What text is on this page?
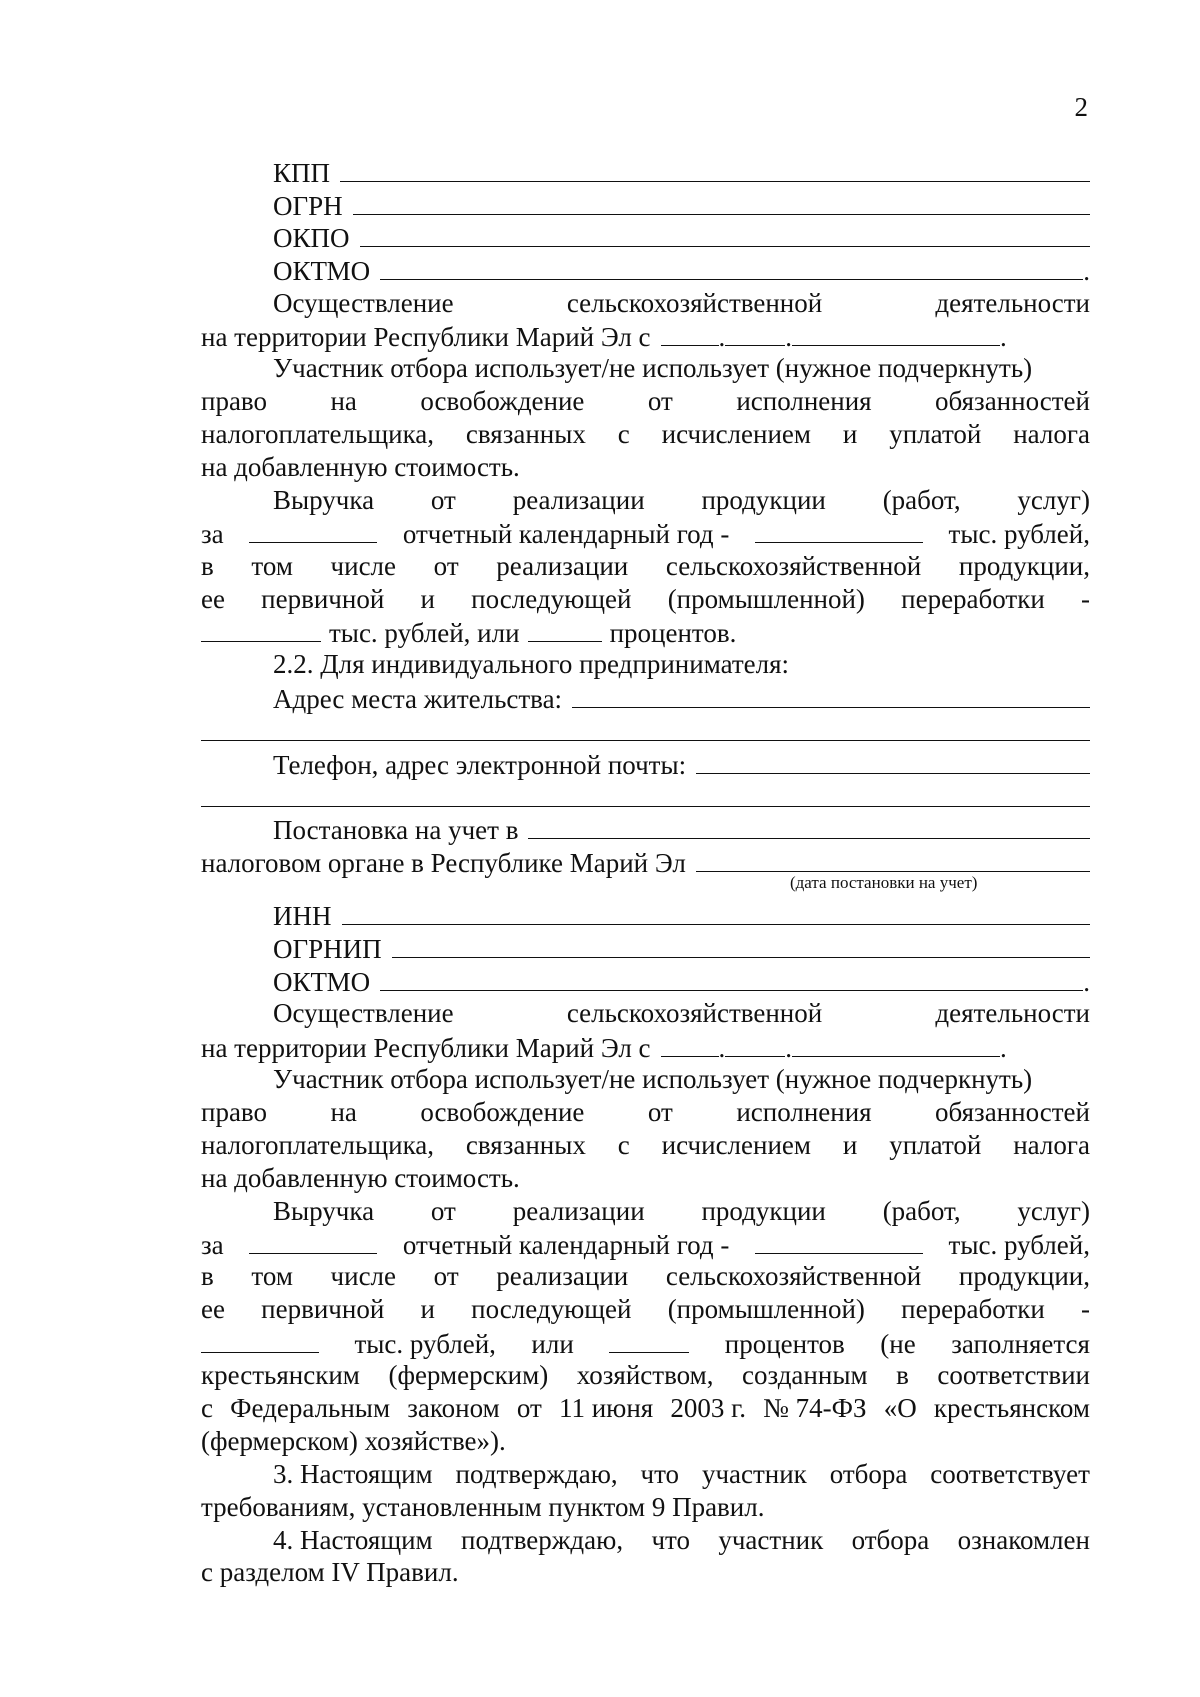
2
КПП
ОГРН
ОКПО
ОКТМО	.
Осуществление	сельскохозяйственной	деятельности
на территории Республики Марий Эл с	. .	.
Участник отбора использует/не использует (нужное подчеркнуть)
право на освобождение от исполнения обязанностей
налогоплательщика, связанных с исчислением и уплатой налога
на добавленную стоимость.
Выручка от реализации продукции (работ, услуг)
за	отчетный календарный год -	тыс. рублей,
в том числе от реализации сельскохозяйственной продукции,
ее первичной и последующей (промышленной) переработки -
тыс. рублей, или	процентов.
2.2. Для индивидуального предпринимателя:
Адрес места жительства:
Телефон, адрес электронной почты:
Постановка на учет в
налоговом органе в Республике Марий Эл
(дата постановки на учет)
ИНН
ОГРНИП
ОКТМО	.
Осуществление	сельскохозяйственной	деятельности
на территории Республики Марий Эл с	. .	.
Участник отбора использует/не использует (нужное подчеркнуть)
право на освобождение от исполнения обязанностей
налогоплательщика, связанных с исчислением и уплатой налога
на добавленную стоимость.
Выручка от реализации продукции (работ, услуг)
за	отчетный календарный год -	тыс. рублей,
в том числе от реализации сельскохозяйственной продукции,
ее первичной и последующей (промышленной) переработки -
тыс. рублей, или	процентов (не заполняется
крестьянским (фермерским) хозяйством, созданным в соответствии
с Федеральным законом от 11 июня 2003 г. № 74-ФЗ «О крестьянском
(фермерском) хозяйстве»).
3. Настоящим подтверждаю, что участник отбора соответствует
требованиям, установленным пунктом 9 Правил.
4. Настоящим подтверждаю, что участник отбора ознакомлен
с разделом IV Правил.
